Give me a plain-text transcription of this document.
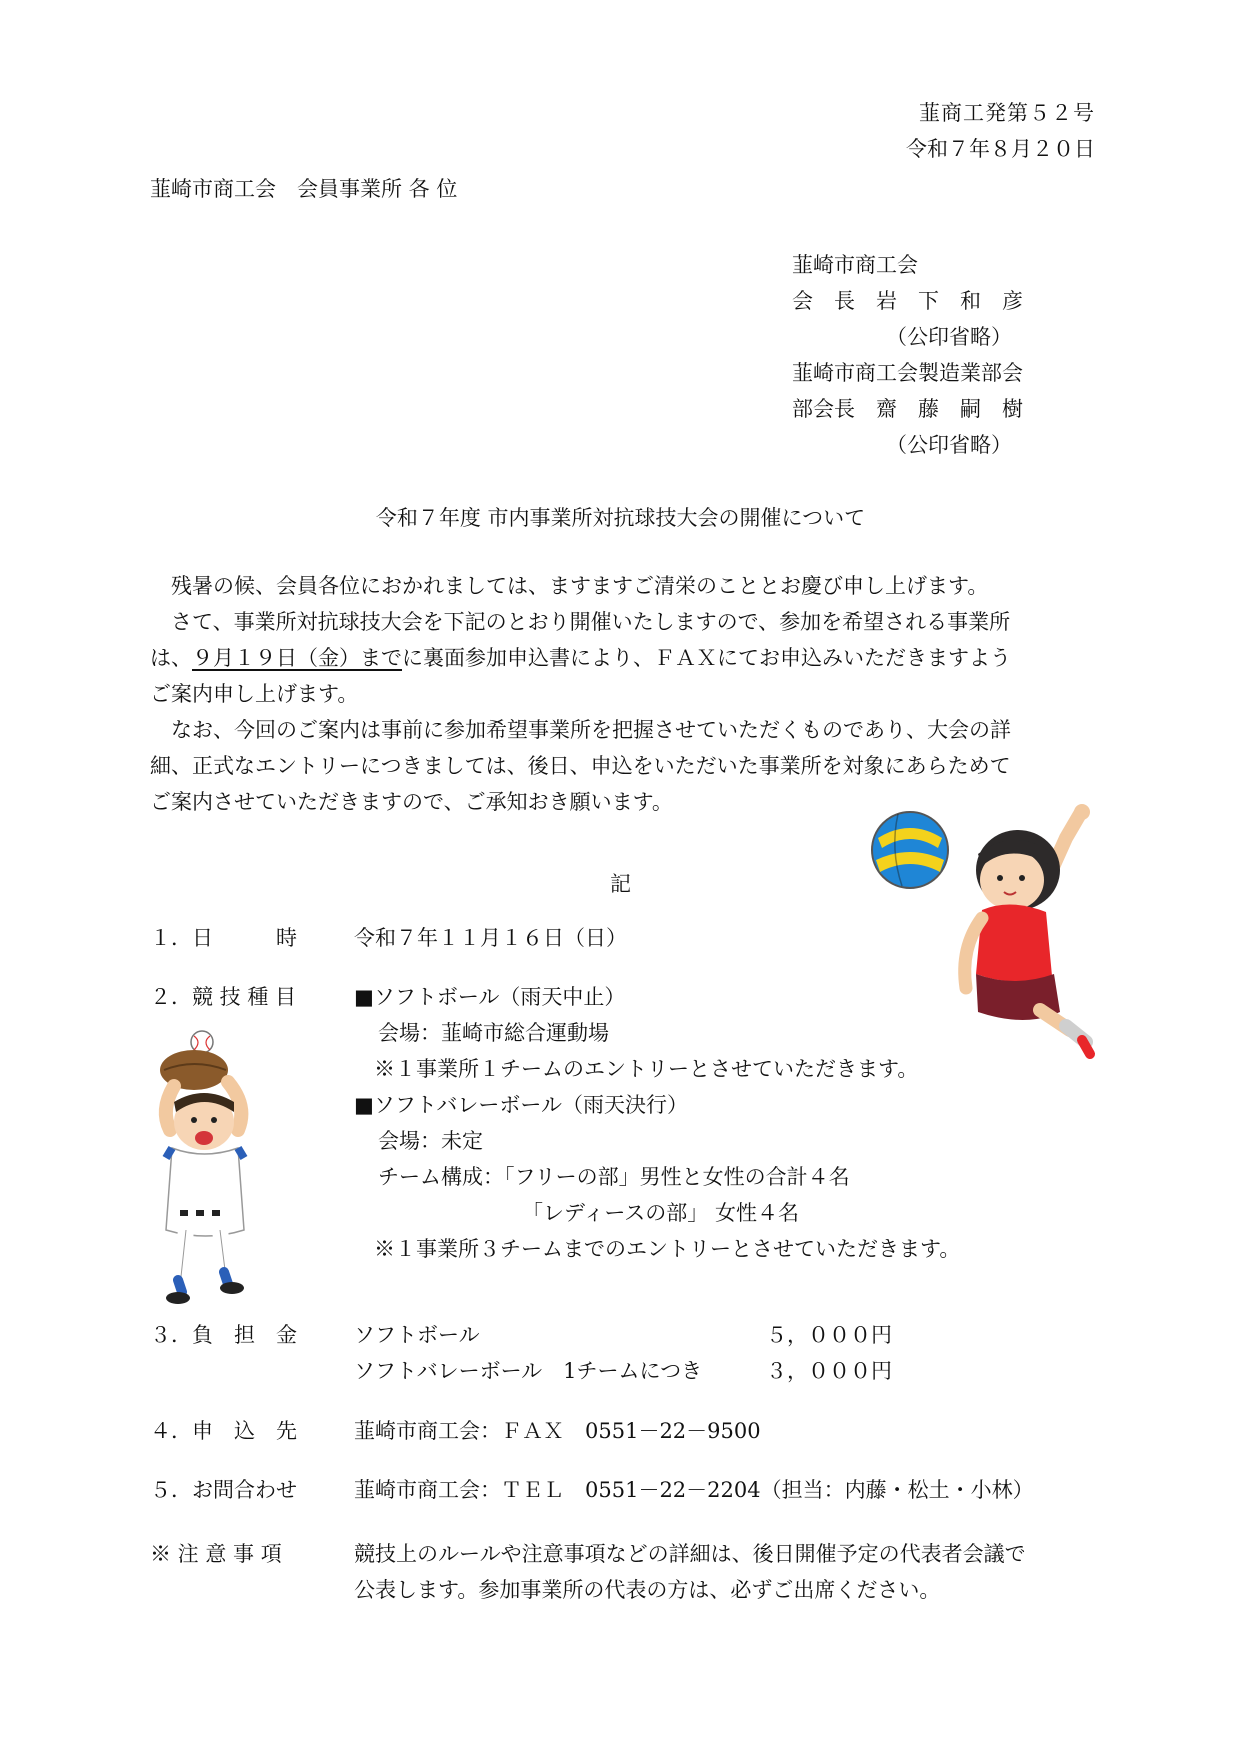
韮商工発第５２号
令和７年８月２０日
韮崎市商工会　会員事業所 各 位
韮崎市商工会
会　長　岩　下　和　彦
（公印省略）
韮崎市商工会製造業部会
部会長　齋　藤　嗣　樹
（公印省略）
令和７年度 市内事業所対抗球技大会の開催について
残暑の候、会員各位におかれましては、ますますご清栄のこととお慶び申し上げます。
さて、事業所対抗球技大会を下記のとおり開催いたしますので、参加を希望される事業所
は、９月１９日（金）までに裏面参加申込書により、ＦＡＸにてお申込みいただきますよう
ご案内申し上げます。
なお、今回のご案内は事前に参加希望事業所を把握させていただくものであり、大会の詳
細、正式なエントリーにつきましては、後日、申込をいただいた事業所を対象にあらためて
ご案内させていただきますので、ご承知おき願います。
記
１．日　　　時	令和７年１１月１６日（日）
２．競 技 種 目	■ソフトボール（雨天中止）
会場：韮崎市総合運動場
※１事業所１チームのエントリーとさせていただきます。
■ソフトバレーボール（雨天決行）
会場：未定
チーム構成：「フリーの部」男性と女性の合計４名
「レディースの部」 女性４名
※１事業所３チームまでのエントリーとさせていただきます。
３．負　担　金	ソフトボール	５，０００円
ソフトバレーボール　1チームにつき	３，０００円
４．申　込　先	韮崎市商工会：ＦＡＸ　0551－22－9500
５．お問合わせ	韮崎市商工会：ＴＥＬ　0551－22－2204（担当：内藤・松土・小林）
※ 注 意 事 項	競技上のルールや注意事項などの詳細は、後日開催予定の代表者会議で
公表します。参加事業所の代表の方は、必ずご出席ください。
